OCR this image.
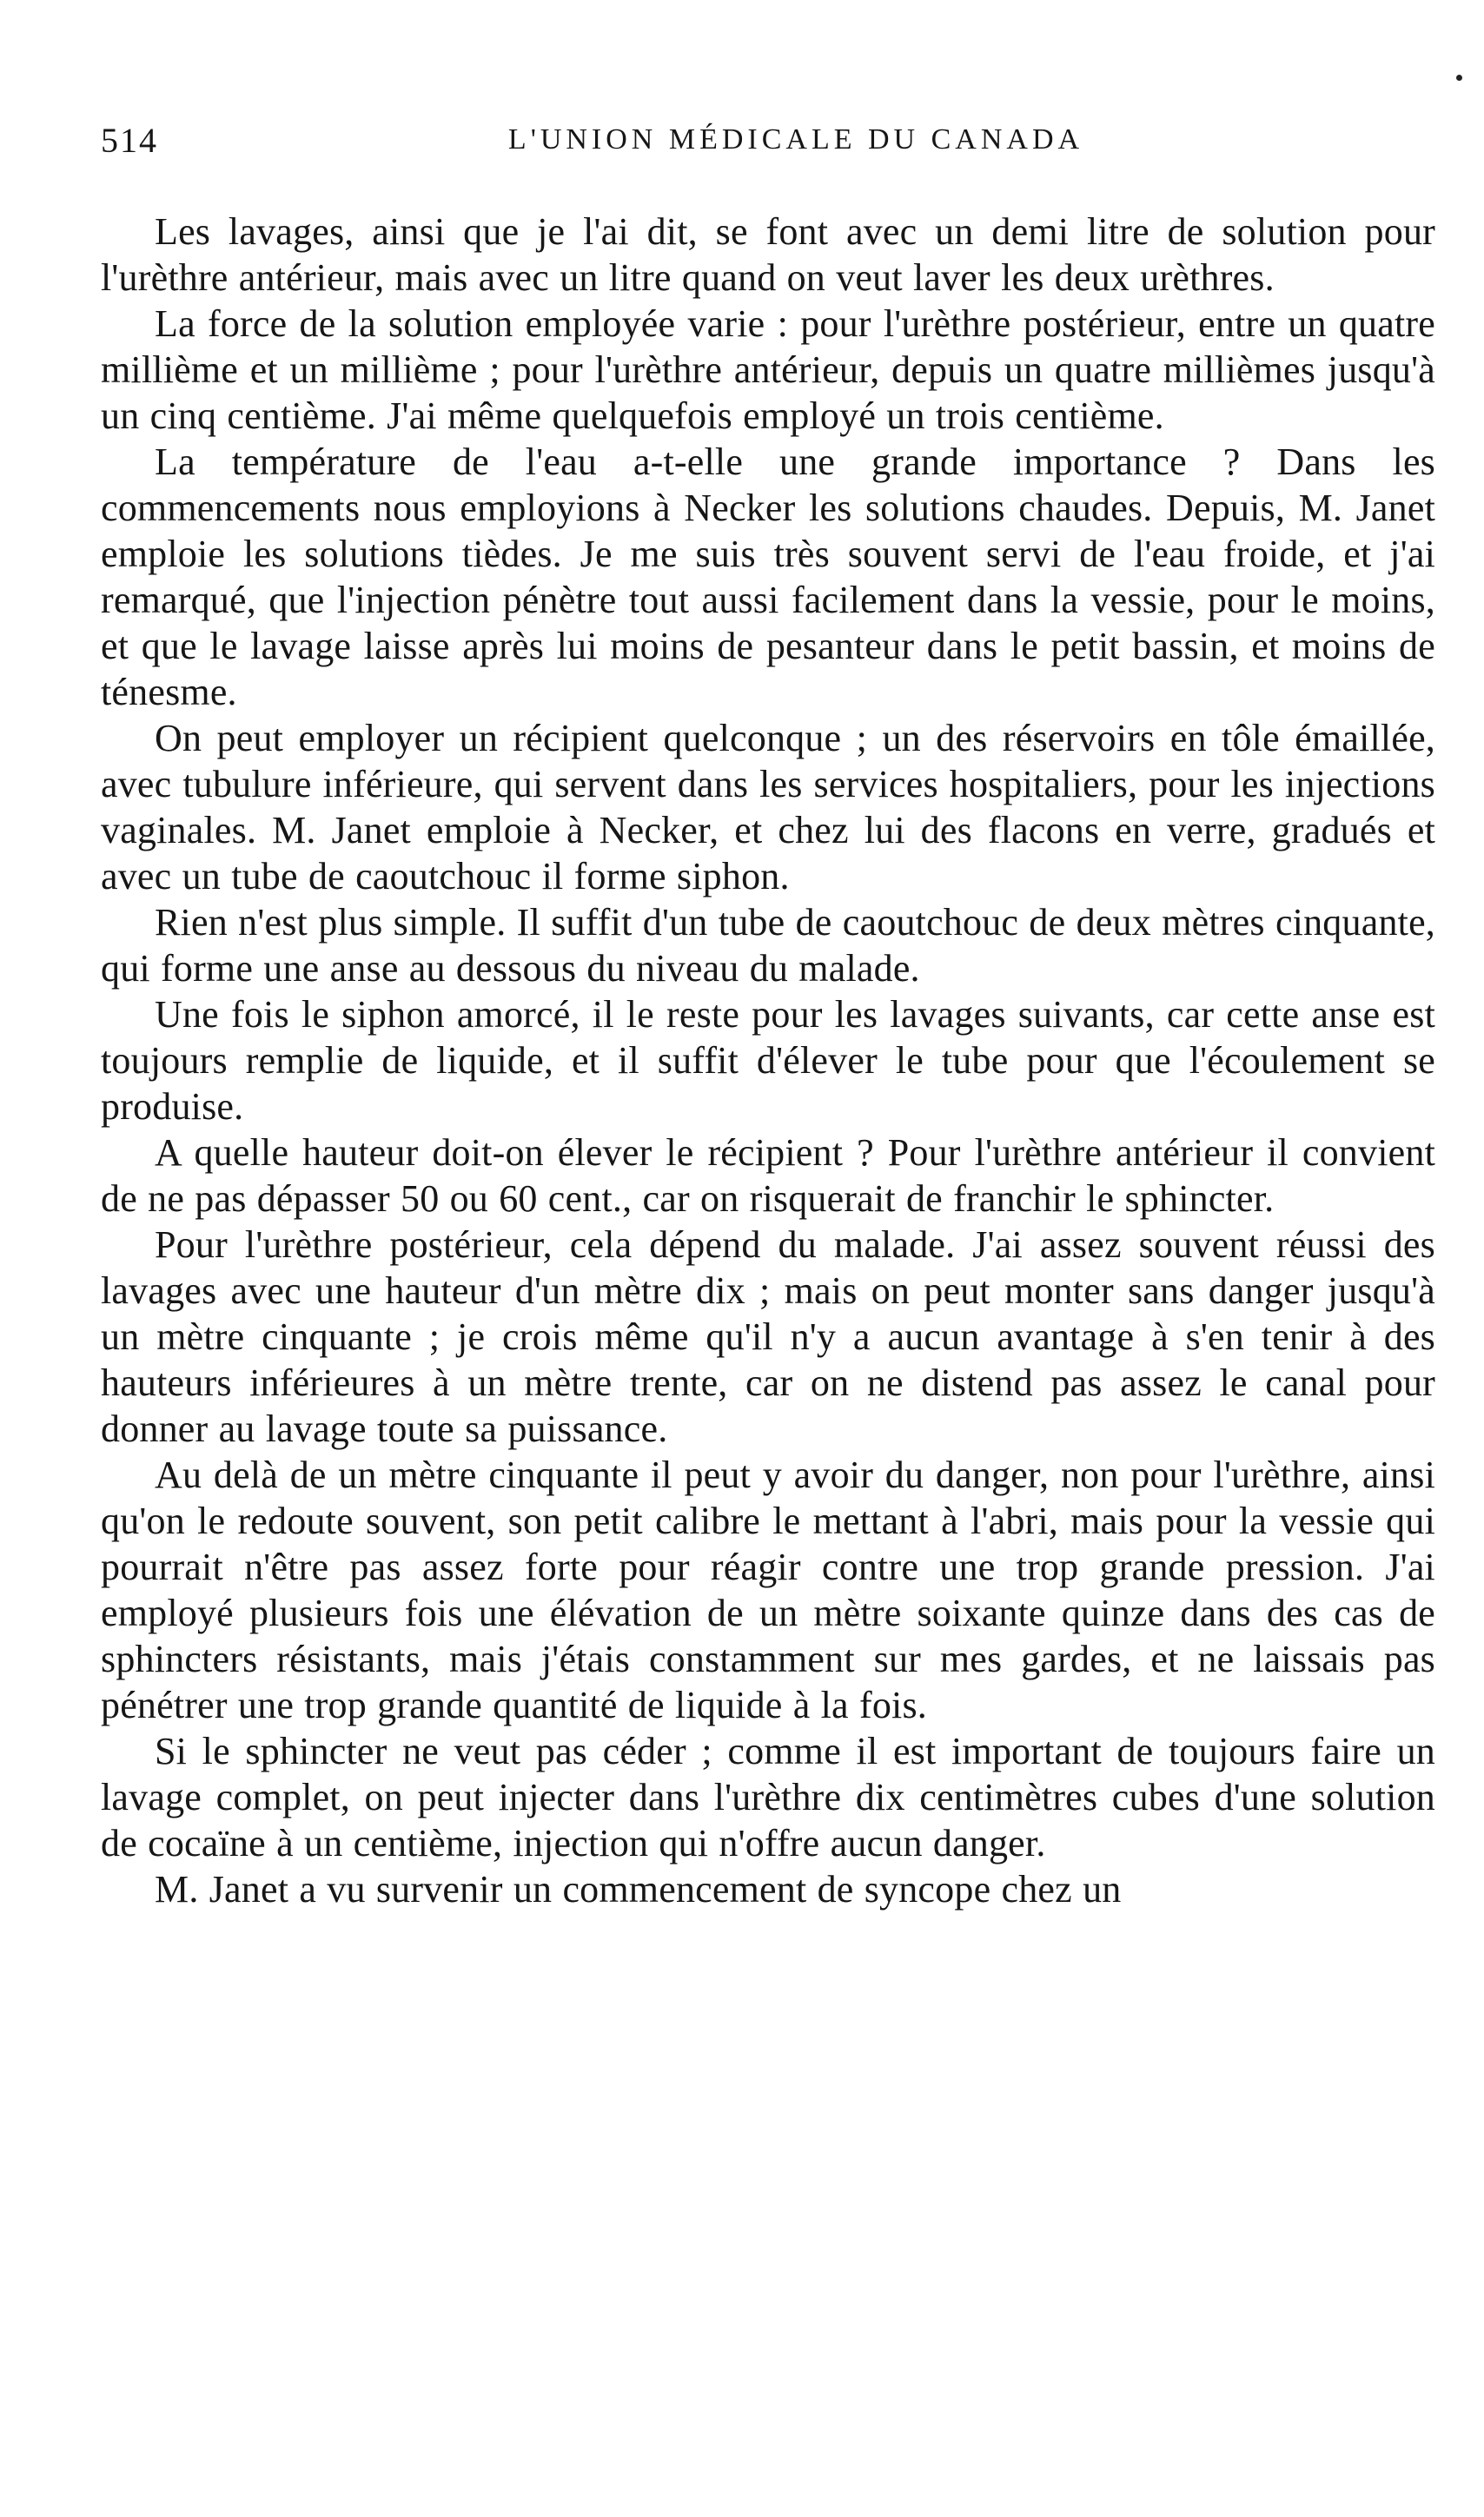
514	L'UNION MÉDICALE DU CANADA

Les lavages, ainsi que je l'ai dit, se font avec un demi litre de solution pour l'urèthre antérieur, mais avec un litre quand on veut laver les deux urèthres.

La force de la solution employée varie : pour l'urèthre postérieur, entre un quatre millième et un millième ; pour l'urèthre antérieur, depuis un quatre millièmes jusqu'à un cinq centième. J'ai même quelquefois employé un trois centième.

La température de l'eau a-t-elle une grande importance ? Dans les commencements nous employions à Necker les solutions chaudes. Depuis, M. Janet emploie les solutions tièdes. Je me suis très souvent servi de l'eau froide, et j'ai remarqué, que l'injection pénètre tout aussi facilement dans la vessie, pour le moins, et que le lavage laisse après lui moins de pesanteur dans le petit bassin, et moins de ténesme.

On peut employer un récipient quelconque ; un des réservoirs en tôle émaillée, avec tubulure inférieure, qui servent dans les services hospitaliers, pour les injections vaginales. M. Janet emploie à Necker, et chez lui des flacons en verre, gradués et avec un tube de caoutchouc il forme siphon.

Rien n'est plus simple. Il suffit d'un tube de caoutchouc de deux mètres cinquante, qui forme une anse au dessous du niveau du malade.

Une fois le siphon amorcé, il le reste pour les lavages suivants, car cette anse est toujours remplie de liquide, et il suffit d'élever le tube pour que l'écoulement se produise.

A quelle hauteur doit-on élever le récipient ? Pour l'urèthre antérieur il convient de ne pas dépasser 50 ou 60 cent., car on risquerait de franchir le sphincter.

Pour l'urèthre postérieur, cela dépend du malade. J'ai assez souvent réussi des lavages avec une hauteur d'un mètre dix ; mais on peut monter sans danger jusqu'à un mètre cinquante ; je crois même qu'il n'y a aucun avantage à s'en tenir à des hauteurs inférieures à un mètre trente, car on ne distend pas assez le canal pour donner au lavage toute sa puissance.

Au delà de un mètre cinquante il peut y avoir du danger, non pour l'urèthre, ainsi qu'on le redoute souvent, son petit calibre le mettant à l'abri, mais pour la vessie qui pourrait n'être pas assez forte pour réagir contre une trop grande pression. J'ai employé plusieurs fois une élévation de un mètre soixante quinze dans des cas de sphincters résistants, mais j'étais constamment sur mes gardes, et ne laissais pas pénétrer une trop grande quantité de liquide à la fois.

Si le sphincter ne veut pas céder ; comme il est important de toujours faire un lavage complet, on peut injecter dans l'urèthre dix centimètres cubes d'une solution de cocaïne à un centième, injection qui n'offre aucun danger.

M. Janet a vu survenir un commencement de syncope chez un
